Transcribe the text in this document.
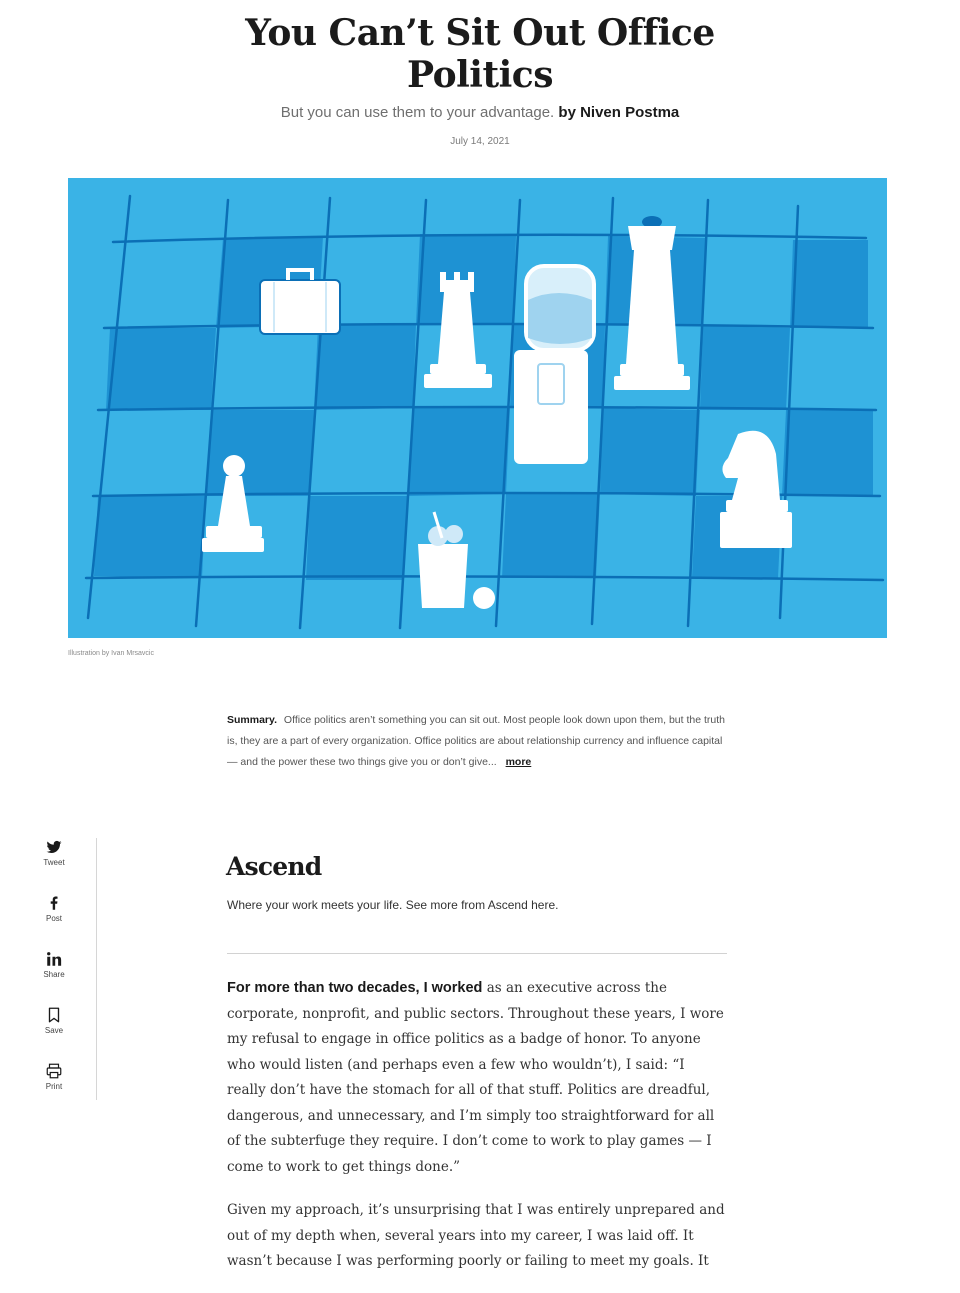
You Can’t Sit Out Office
Politics
But you can use them to your advantage. by Niven Postma
July 14, 2021
Illustration by Ivan Mrsavcic
Summary. Office politics aren’t something you can sit out. Most people look down upon them, but the truth is, they are a part of every organization. Office politics are about relationship currency and influence capital — and the power these two things give you or don’t give... more
Tweet
Post
Share
Save
Print
Ascend
Where your work meets your life. See more from Ascend here.

For more than two decades, I worked as an executive across the corporate, nonprofit, and public sectors. Throughout these years, I wore my refusal to engage in office politics as a badge of honor. To anyone who would listen (and perhaps even a few who wouldn’t), I said: “I really don’t have the stomach for all of that stuff. Politics are dreadful, dangerous, and unnecessary, and I’m simply too straightforward for all of the subterfuge they require. I don’t come to work to play games — I come to work to get things done.”

Given my approach, it’s unsurprising that I was entirely unprepared and out of my depth when, several years into my career, I was laid off. It wasn’t because I was performing poorly or failing to meet my goals. It
